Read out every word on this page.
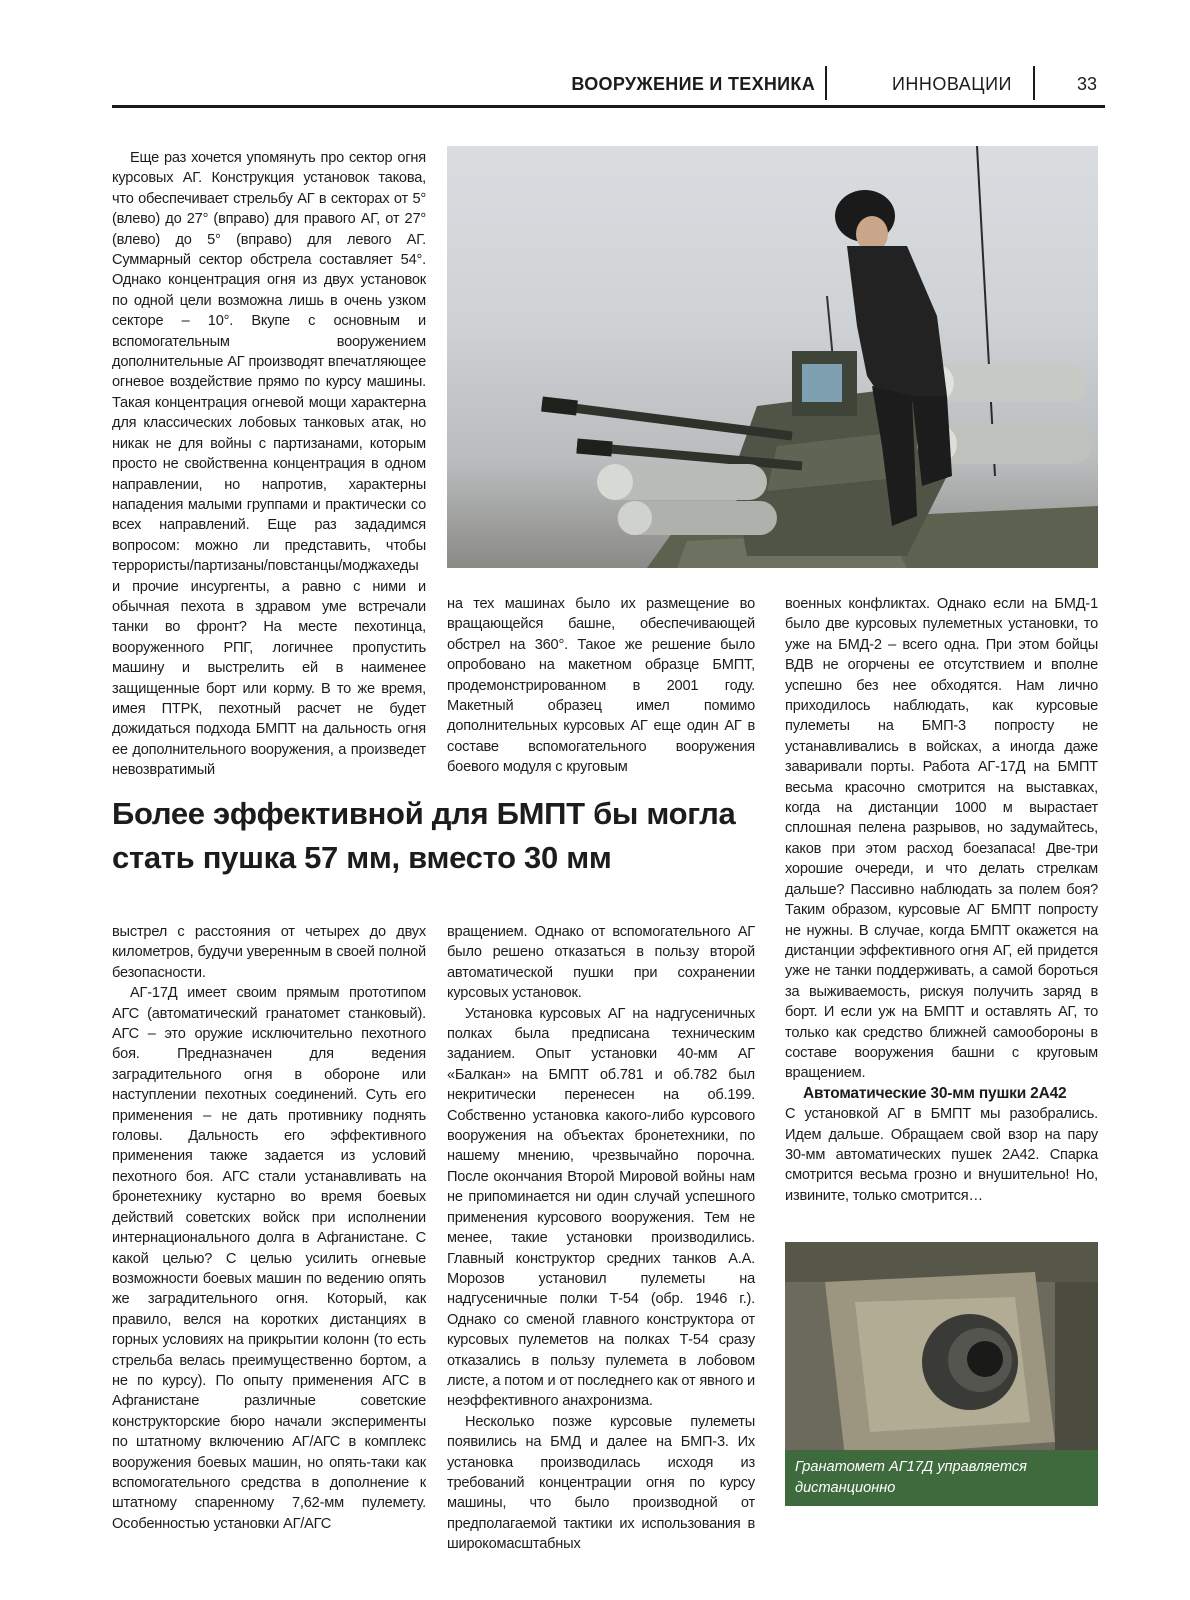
ВООРУЖЕНИЕ И ТЕХНИКА	ИННОВАЦИИ	33

Еще раз хочется упомянуть про сектор огня курсовых АГ. Конструкция установок такова, что обеспечивает стрельбу АГ в секторах от 5° (влево) до 27° (вправо) для правого АГ, от 27° (влево) до 5° (вправо) для левого АГ. Суммарный сектор обстрела составляет 54°. Однако концентрация огня из двух установок по одной цели возможна лишь в очень узком секторе – 10°. Вкупе с основным и вспомогательным вооружением дополнительные АГ производят впечатляющее огневое воздействие прямо по курсу машины. Такая концентрация огневой мощи характерна для классических лобовых танковых атак, но никак не для войны с партизанами, которым просто не свойственна концентрация в одном направлении, но напротив, характерны нападения малыми группами и практически со всех направлений. Еще раз зададимся вопросом: можно ли представить, чтобы террористы/партизаны/повстанцы/моджахеды и прочие инсургенты, а равно с ними и обычная пехота в здравом уме встречали танки во фронт? На месте пехотинца, вооруженного РПГ, логичнее пропустить машину и выстрелить ей в наименее защищенные борт или корму. В то же время, имея ПТРК, пехотный расчет не будет дожидаться подхода БМПТ на дальность огня ее дополнительного вооружения, а произведет невозвратимый

на тех машинах было их размещение во вращающейся башне, обеспечивающей обстрел на 360°. Такое же решение было опробовано на макетном образце БМПТ, продемонстрированном в 2001 году. Макетный образец имел помимо дополнительных курсовых АГ еще один АГ в составе вспомогательного вооружения боевого модуля с круговым

военных конфликтах. Однако если на БМД-1 было две курсовых пулеметных установки, то уже на БМД-2 – всего одна. При этом бойцы ВДВ не огорчены ее отсутствием и вполне успешно без нее обходятся. Нам лично приходилось наблюдать, как курсовые пулеметы на БМП-3 попросту не устанавливались в войсках, а иногда даже заваривали порты. Работа АГ-17Д на БМПТ весьма красочно смотрится на выставках, когда на дистанции 1000 м вырастает сплошная пелена разрывов, но задумайтесь, каков при этом расход боезапаса! Две-три хорошие очереди, и что делать стрелкам дальше? Пассивно наблюдать за полем боя? Таким образом, курсовые АГ БМПТ попросту не нужны. В случае, когда БМПТ окажется на дистанции эффективного огня АГ, ей придется уже не танки поддерживать, а самой бороться за выживаемость, рискуя получить заряд в борт. И если уж на БМПТ и оставлять АГ, то только как средство ближней самообороны в составе вооружения башни с круговым вращением.

Автоматические 30-мм пушки 2А42

С установкой АГ в БМПТ мы разобрались. Идем дальше. Обращаем свой взор на пару 30-мм автоматических пушек 2А42. Спарка смотрится весьма грозно и внушительно! Но, извините, только смотрится…

Более эффективной для БМПТ бы могла
стать пушка 57 мм, вместо 30 мм

выстрел с расстояния от четырех до двух километров, будучи уверенным в своей полной безопасности.

АГ-17Д имеет своим прямым прототипом АГС (автоматический гранатомет станковый). АГС – это оружие исключительно пехотного боя. Предназначен для ведения заградительного огня в обороне или наступлении пехотных соединений. Суть его применения – не дать противнику поднять головы. Дальность его эффективного применения также задается из условий пехотного боя. АГС стали устанавливать на бронетехнику кустарно во время боевых действий советских войск при исполнении интернационального долга в Афганистане. С какой целью? С целью усилить огневые возможности боевых машин по ведению опять же заградительного огня. Который, как правило, велся на коротких дистанциях в горных условиях на прикрытии колонн (то есть стрельба велась преимущественно бортом, а не по курсу). По опыту применения АГС в Афганистане различные советские конструкторские бюро начали эксперименты по штатному включению АГ/АГС в комплекс вооружения боевых машин, но опять-таки как вспомогательного средства в дополнение к штатному спаренному 7,62-мм пулемету. Особенностью установки АГ/АГС

вращением. Однако от вспомогательного АГ было решено отказаться в пользу второй автоматической пушки при сохранении курсовых установок.

Установка курсовых АГ на надгусеничных полках была предписана техническим заданием. Опыт установки 40-мм АГ «Балкан» на БМПТ об.781 и об.782 был некритически перенесен на об.199. Собственно установка какого-либо курсового вооружения на объектах бронетехники, по нашему мнению, чрезвычайно порочна. После окончания Второй Мировой войны нам не припоминается ни один случай успешного применения курсового вооружения. Тем не менее, такие установки производились. Главный конструктор средних танков А.А. Морозов установил пулеметы на надгусеничные полки Т-54 (обр. 1946 г.). Однако со сменой главного конструктора от курсовых пулеметов на полках Т-54 сразу отказались в пользу пулемета в лобовом листе, а потом и от последнего как от явного и неэффективного анахронизма.

Несколько позже курсовые пулеметы появились на БМД и далее на БМП-3. Их установка производилась исходя из требований концентрации огня по курсу машины, что было производной от предполагаемой тактики их использования в широкомасштабных

Гранатомет АГ17Д управляется дистанционно
